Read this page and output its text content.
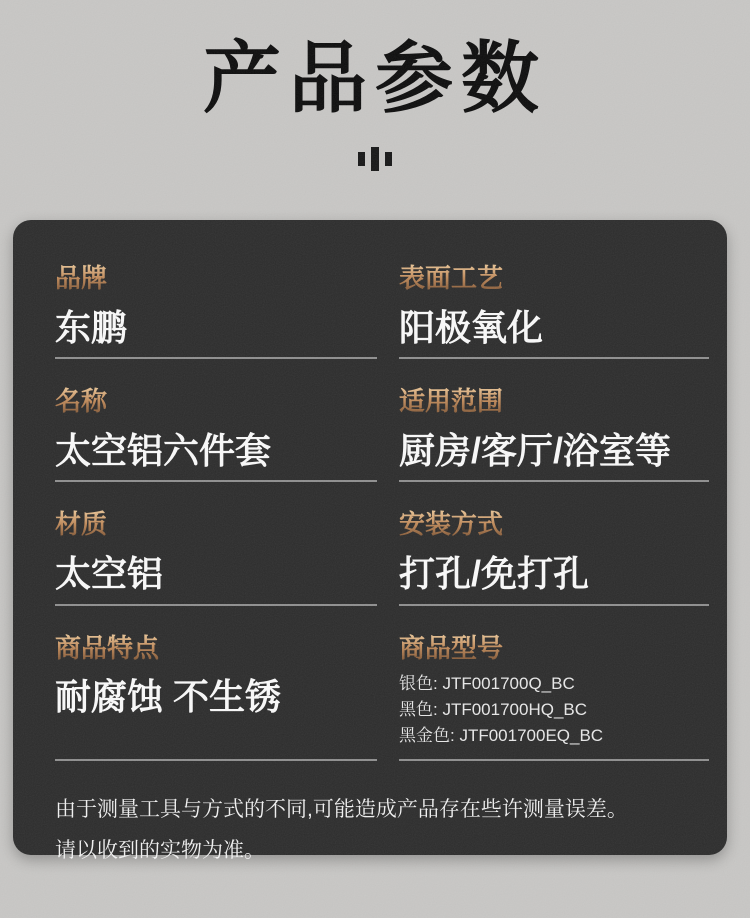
产品参数
品牌
东鹏
表面工艺
阳极氧化
名称
太空铝六件套
适用范围
厨房/客厅/浴室等
材质
太空铝
安装方式
打孔/免打孔
商品特点
耐腐蚀 不生锈
商品型号
银色: JTF001700Q_BC
黑色: JTF001700HQ_BC
黑金色: JTF001700EQ_BC
由于测量工具与方式的不同,可能造成产品存在些许测量误差。
请以收到的实物为准。
